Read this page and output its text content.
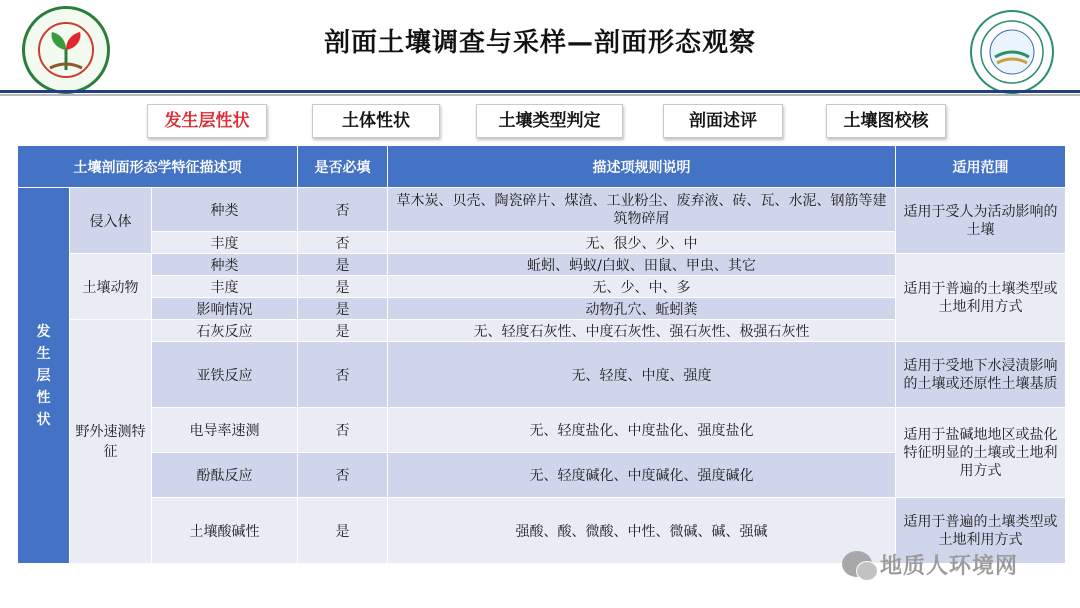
剖面土壤调查与采样—剖面形态观察
发生层性状	土体性状	土壤类型判定	剖面述评	土壤图校核
土壤剖面形态学特征描述项			是否必填	描述项规则说明	适用范围

发生层性状	侵入体	种类	否	草木炭、贝壳、陶瓷碎片、煤渣、工业粉尘、废弃液、砖、瓦、水泥、钢筋等建筑物碎屑	适用于受人为活动影响的土壤
		丰度	否	无、很少、少、中	
	土壤动物	种类	是	蚯蚓、蚂蚁/白蚁、田鼠、甲虫、其它	适用于普遍的土壤类型或土地利用方式
		丰度	是	无、少、中、多	
		影响情况	是	动物孔穴、蚯蚓粪	
	野外速测特征	石灰反应	是	无、轻度石灰性、中度石灰性、强石灰性、极强石灰性	
		亚铁反应	否	无、轻度、中度、强度	适用于受地下水浸渍影响的土壤或还原性土壤基质
		电导率速测	否	无、轻度盐化、中度盐化、强度盐化	适用于盐碱地地区或盐化特征明显的土壤或土地利用方式
		酚酞反应	否	无、轻度碱化、中度碱化、强度碱化	
		土壤酸碱性	是	强酸、酸、微酸、中性、微碱、碱、强碱	适用于普遍的土壤类型或土地利用方式
地质人环境网
